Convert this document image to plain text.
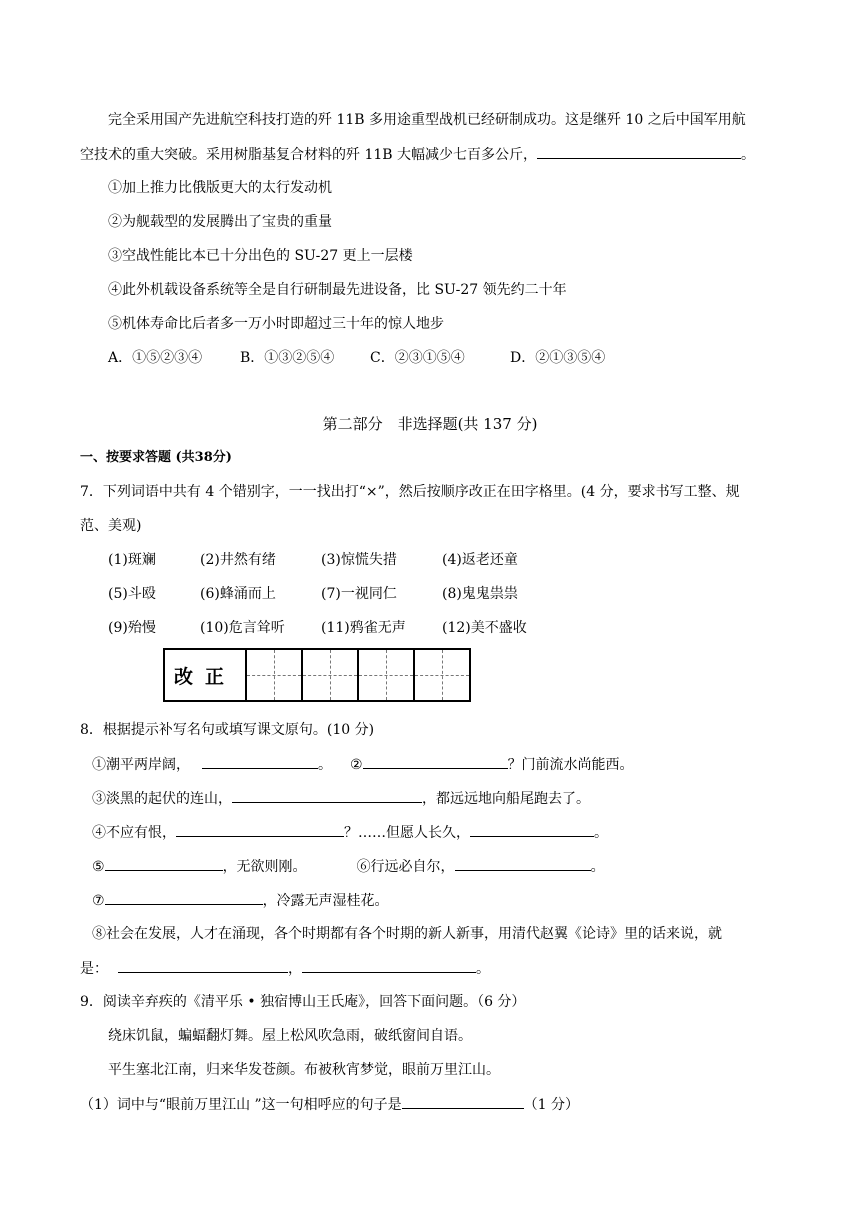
完全采用国产先进航空科技打造的歼 11B 多用途重型战机已经研制成功。这是继歼 10 之后中国军用航
空技术的重大突破。采用树脂基复合材料的歼 11B 大幅减少七百多公斤，	。
①加上推力比俄版更大的太行发动机
②为舰载型的发展腾出了宝贵的重量
③空战性能比本已十分出色的 SU-27 更上一层楼
④此外机载设备系统等全是自行研制最先进设备，比 SU-27 领先约二十年
⑤机体寿命比后者多一万小时即超过三十年的惊人地步
A．①⑤②③④	B．①③②⑤④	C．②③①⑤④	D．②①③⑤④
第二部分　非选择题(共 137 分)
一、按要求答题 (共38分)
7．下列词语中共有 4 个错别字，一一找出打“×”，然后按顺序改正在田字格里。(4 分，要求书写工整、规
范、美观)
(1)斑斓	(2)井然有绪	(3)惊慌失措	(4)返老还童
(5)斗殴	(6)蜂涌而上	(7)一视同仁	(8)鬼鬼祟祟
(9)殆慢	(10)危言耸听	(11)鸦雀无声	(12)美不盛收
改正
8．根据提示补写名句或填写课文原句。(10 分)
①潮平两岸阔，	。 ②	？门前流水尚能西。
③淡黑的起伏的连山，	，都远远地向船尾跑去了。
④不应有恨，	？……但愿人长久，	。
⑤	，无欲则刚。	⑥行远必自尔，	。
⑦	，冷露无声湿桂花。
⑧社会在发展，人才在涌现，各个时期都有各个时期的新人新事，用清代赵翼《论诗》里的话来说，就
是：	，	。
9．阅读辛弃疾的《清平乐 • 独宿博山王氏庵》，回答下面问题。（6 分）
绕床饥鼠，蝙蝠翻灯舞。屋上松风吹急雨，破纸窗间自语。
平生塞北江南，归来华发苍颜。布被秋宵梦觉，眼前万里江山。
（1）词中与“眼前万里江山 ”这一句相呼应的句子是	（1 分）
